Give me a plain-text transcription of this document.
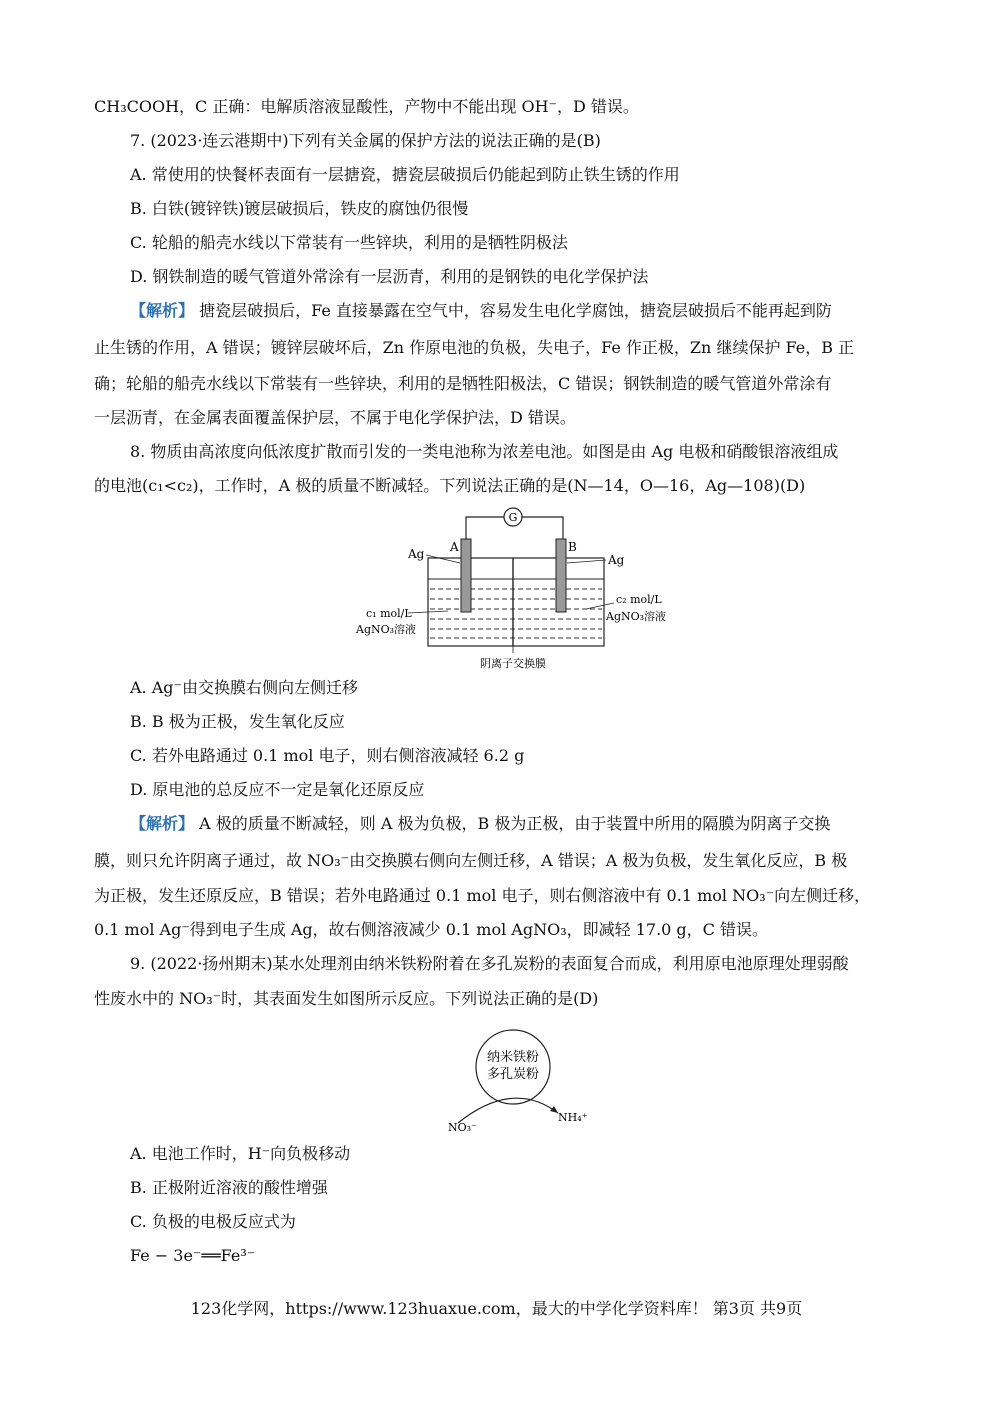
CH₃COOH，C 正确：电解质溶液显酸性，产物中不能出现 OH⁻，D 错误。
7. (2023·连云港期中)下列有关金属的保护方法的说法正确的是(B)
A. 常使用的快餐杯表面有一层搪瓷，搪瓷层破损后仍能起到防止铁生锈的作用
B. 白铁(镀锌铁)镀层破损后，铁皮的腐蚀仍很慢
C. 轮船的船壳水线以下常装有一些锌块，利用的是牺牲阴极法
D. 钢铁制造的暖气管道外常涂有一层沥青，利用的是钢铁的电化学保护法
【解析】 搪瓷层破损后，Fe 直接暴露在空气中，容易发生电化学腐蚀，搪瓷层破损后不能再起到防
止生锈的作用，A 错误；镀锌层破坏后，Zn 作原电池的负极，失电子，Fe 作正极，Zn 继续保护 Fe，B 正
确；轮船的船壳水线以下常装有一些锌块，利用的是牺牲阳极法，C 错误；钢铁制造的暖气管道外常涂有
一层沥青，在金属表面覆盖保护层，不属于电化学保护法，D 错误。
8. 物质由高浓度向低浓度扩散而引发的一类电池称为浓差电池。如图是由 Ag 电极和硝酸银溶液组成
的电池(c₁<c₂)，工作时，A 极的质量不断减轻。下列说法正确的是(N—14，O—16，Ag—108)(D)
G
A	B
Ag	Ag
c₁ mol/L
AgNO₃溶液
c₂ mol/L
AgNO₃溶液
阴离子交换膜
A. Ag⁻由交换膜右侧向左侧迁移
B. B 极为正极，发生氧化反应
C. 若外电路通过 0.1 mol 电子，则右侧溶液减轻 6.2 g
D. 原电池的总反应不一定是氧化还原反应
【解析】 A 极的质量不断减轻，则 A 极为负极，B 极为正极，由于装置中所用的隔膜为阴离子交换
膜，则只允许阴离子通过，故 NO₃⁻由交换膜右侧向左侧迁移，A 错误；A 极为负极，发生氧化反应，B 极
为正极，发生还原反应，B 错误；若外电路通过 0.1 mol 电子，则右侧溶液中有 0.1 mol NO₃⁻向左侧迁移，
0.1 mol Ag⁻得到电子生成 Ag，故右侧溶液减少 0.1 mol AgNO₃，即减轻 17.0 g，C 错误。
9. (2022·扬州期末)某水处理剂由纳米铁粉附着在多孔炭粉的表面复合而成，利用原电池原理处理弱酸
性废水中的 NO₃⁻时，其表面发生如图所示反应。下列说法正确的是(D)
纳米铁粉
多孔炭粉
NO₃⁻
NH₄⁺
A. 电池工作时，H⁻向负极移动
B. 正极附近溶液的酸性增强
C. 负极的电极反应式为
Fe − 3e⁻══Fe³⁻
123化学网，https://www.123huaxue.com，最大的中学化学资料库！ 第3页 共9页
